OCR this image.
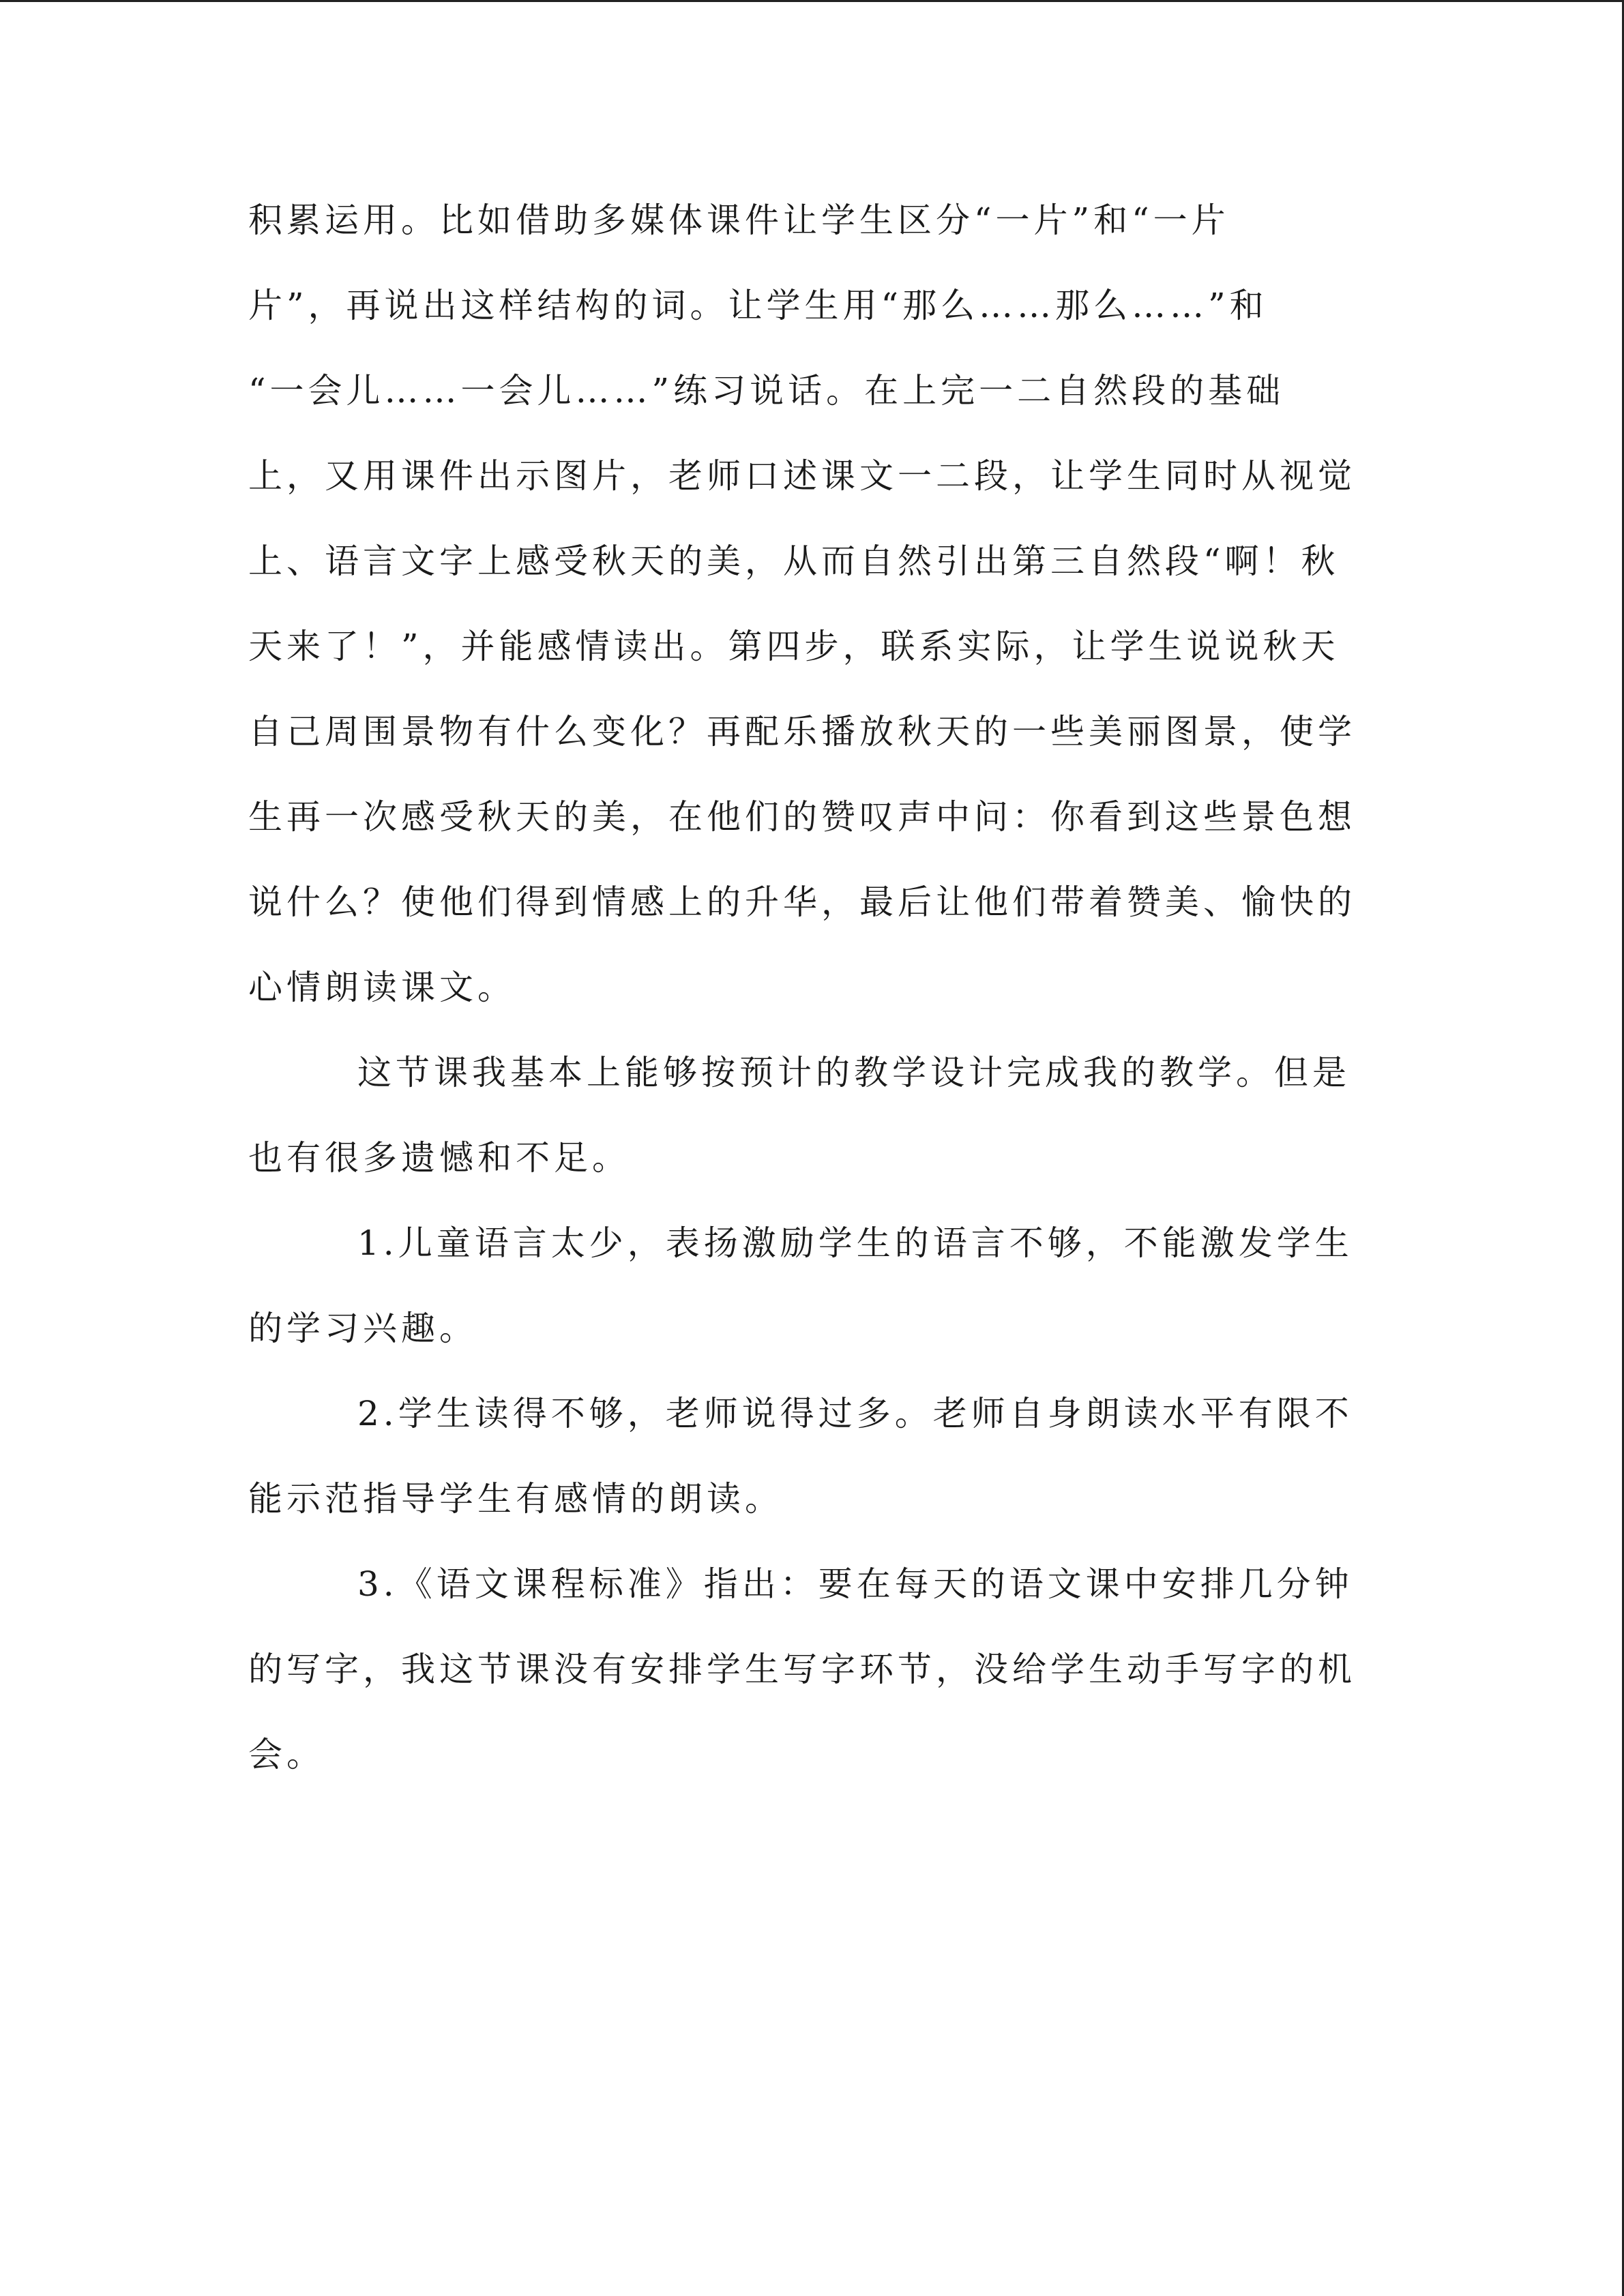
积累运用。比如借助多媒体课件让学生区分“一片”和“一片
片”，再说出这样结构的词。让学生用“那么……那么……”和
“一会儿……一会儿……”练习说话。在上完一二自然段的基础
上，又用课件出示图片，老师口述课文一二段，让学生同时从视觉
上、语言文字上感受秋天的美，从而自然引出第三自然段“啊！秋
天来了！”，并能感情读出。第四步，联系实际，让学生说说秋天
自己周围景物有什么变化？再配乐播放秋天的一些美丽图景，使学
生再一次感受秋天的美，在他们的赞叹声中问：你看到这些景色想
说什么？使他们得到情感上的升华，最后让他们带着赞美、愉快的
心情朗读课文。
这节课我基本上能够按预计的教学设计完成我的教学。但是
也有很多遗憾和不足。
1.儿童语言太少，表扬激励学生的语言不够，不能激发学生
的学习兴趣。
2.学生读得不够，老师说得过多。老师自身朗读水平有限不
能示范指导学生有感情的朗读。
3.《语文课程标准》指出：要在每天的语文课中安排几分钟
的写字，我这节课没有安排学生写字环节，没给学生动手写字的机
会。
